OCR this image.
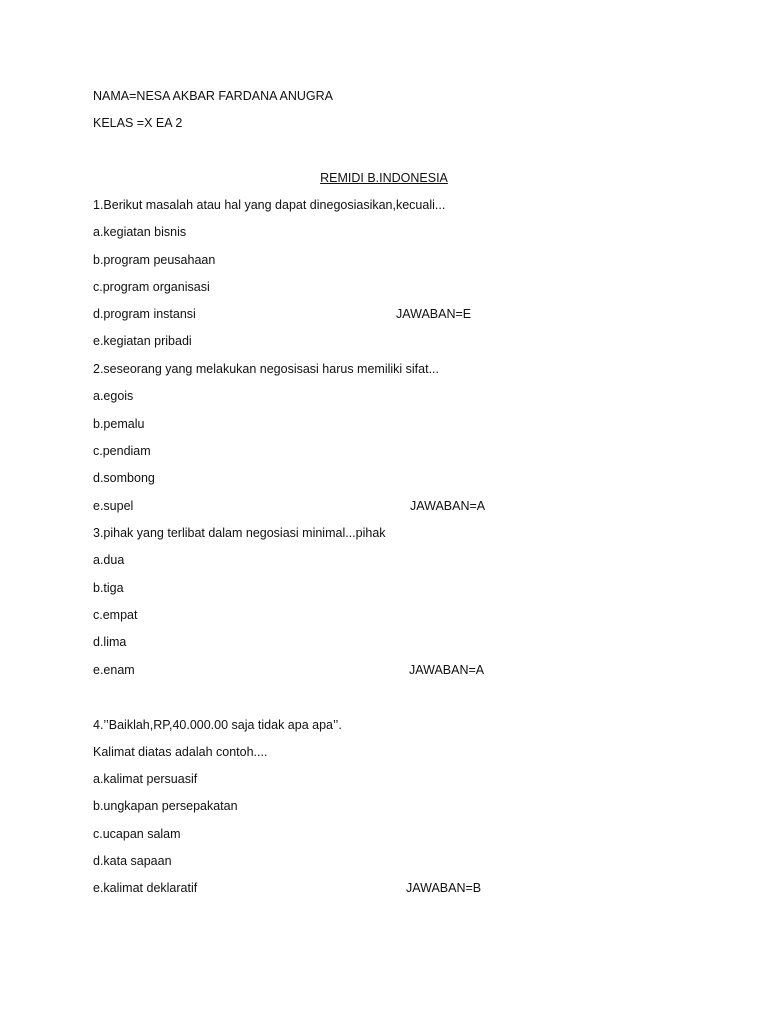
NAMA=NESA AKBAR FARDANA ANUGRA
KELAS =X EA 2
REMIDI B.INDONESIA
1.Berikut masalah atau hal yang dapat dinegosiasikan,kecuali...
a.kegiatan bisnis
b.program peusahaan
c.program organisasi
d.program instansi	JAWABAN=E
e.kegiatan pribadi
2.seseorang yang melakukan negosisasi harus memiliki sifat...
a.egois
b.pemalu
c.pendiam
d.sombong
e.supel	JAWABAN=A
3.pihak yang terlibat dalam negosiasi minimal...pihak
a.dua
b.tiga
c.empat
d.lima
e.enam	JAWABAN=A
4.’’Baiklah,RP,40.000.00 saja tidak apa apa’’.
Kalimat diatas adalah contoh....
a.kalimat persuasif
b.ungkapan persepakatan
c.ucapan salam
d.kata sapaan
e.kalimat deklaratif	JAWABAN=B
